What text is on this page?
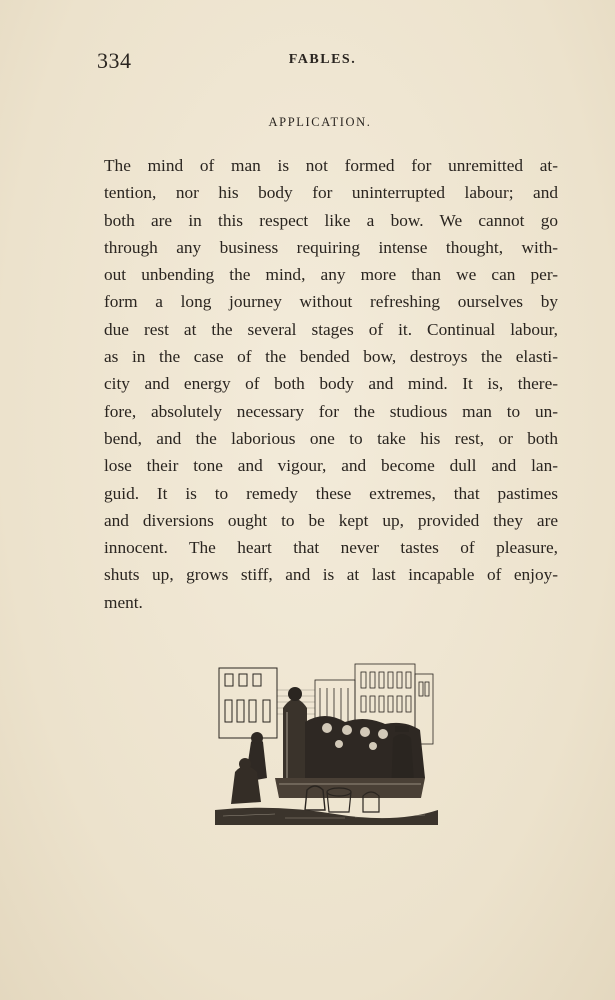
334	FABLES.
APPLICATION.
The mind of man is not formed for unremitted at-
tention, nor his body for uninterrupted labour; and
both are in this respect like a bow. We cannot go
through any business requiring intense thought, with-
out unbending the mind, any more than we can per-
form a long journey without refreshing ourselves by
due rest at the several stages of it. Continual labour,
as in the case of the bended bow, destroys the elasti-
city and energy of both body and mind. It is, there-
fore, absolutely necessary for the studious man to un-
bend, and the laborious one to take his rest, or both
lose their tone and vigour, and become dull and lan-
guid. It is to remedy these extremes, that pastimes
and diversions ought to be kept up, provided they are
innocent. The heart that never tastes of pleasure,
shuts up, grows stiff, and is at last incapable of enjoy-
ment.
